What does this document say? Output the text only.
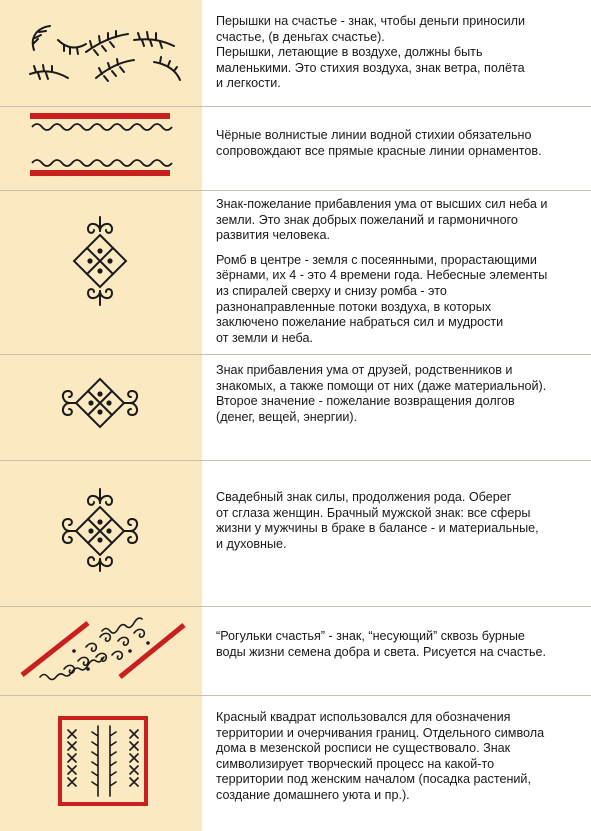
Перышки на счастье - знак, чтобы деньги приносили
счастье, (в деньгах счастье).

Перышки, летающие в воздухе, должны быть
маленькими. Это стихия воздуха, знак ветра, полёта
и легкости.

Чёрные волнистые линии водной стихии обязательно
сопровождают все прямые красные линии орнаментов.

Знак-пожелание прибавления ума от высших сил неба и
земли. Это знак добрых пожеланий и гармоничного
развития человека.

Ромб в центре - земля с посеянными, прорастающими
зёрнами, их 4 - это 4 времени года. Небесные элементы
из спиралей сверху и снизу ромба - это
разнонаправленные потоки воздуха, в которых
заключено пожелание набраться сил и мудрости
от земли и неба.

Знак прибавления ума от друзей, родственников и
знакомых, а также помощи от них (даже материальной).
Второе значение - пожелание возвращения долгов
(денег, вещей, энергии).

Свадебный знак силы, продолжения рода. Оберег
от сглаза женщин. Брачный мужской знак: все сферы
жизни у мужчины в браке в балансе - и материальные,
и духовные.

“Рогульки счастья” - знак, “несующий” сквозь бурные
воды жизни семена добра и света. Рисуется на счастье.

Красный квадрат использовался для обозначения
территории и очерчивания границ. Отдельного символа
дома в мезенской росписи не существовало. Знак
символизирует творческий процесс на какой-то
территории под женским началом (посадка растений,
создание домашнего уюта и пр.).
